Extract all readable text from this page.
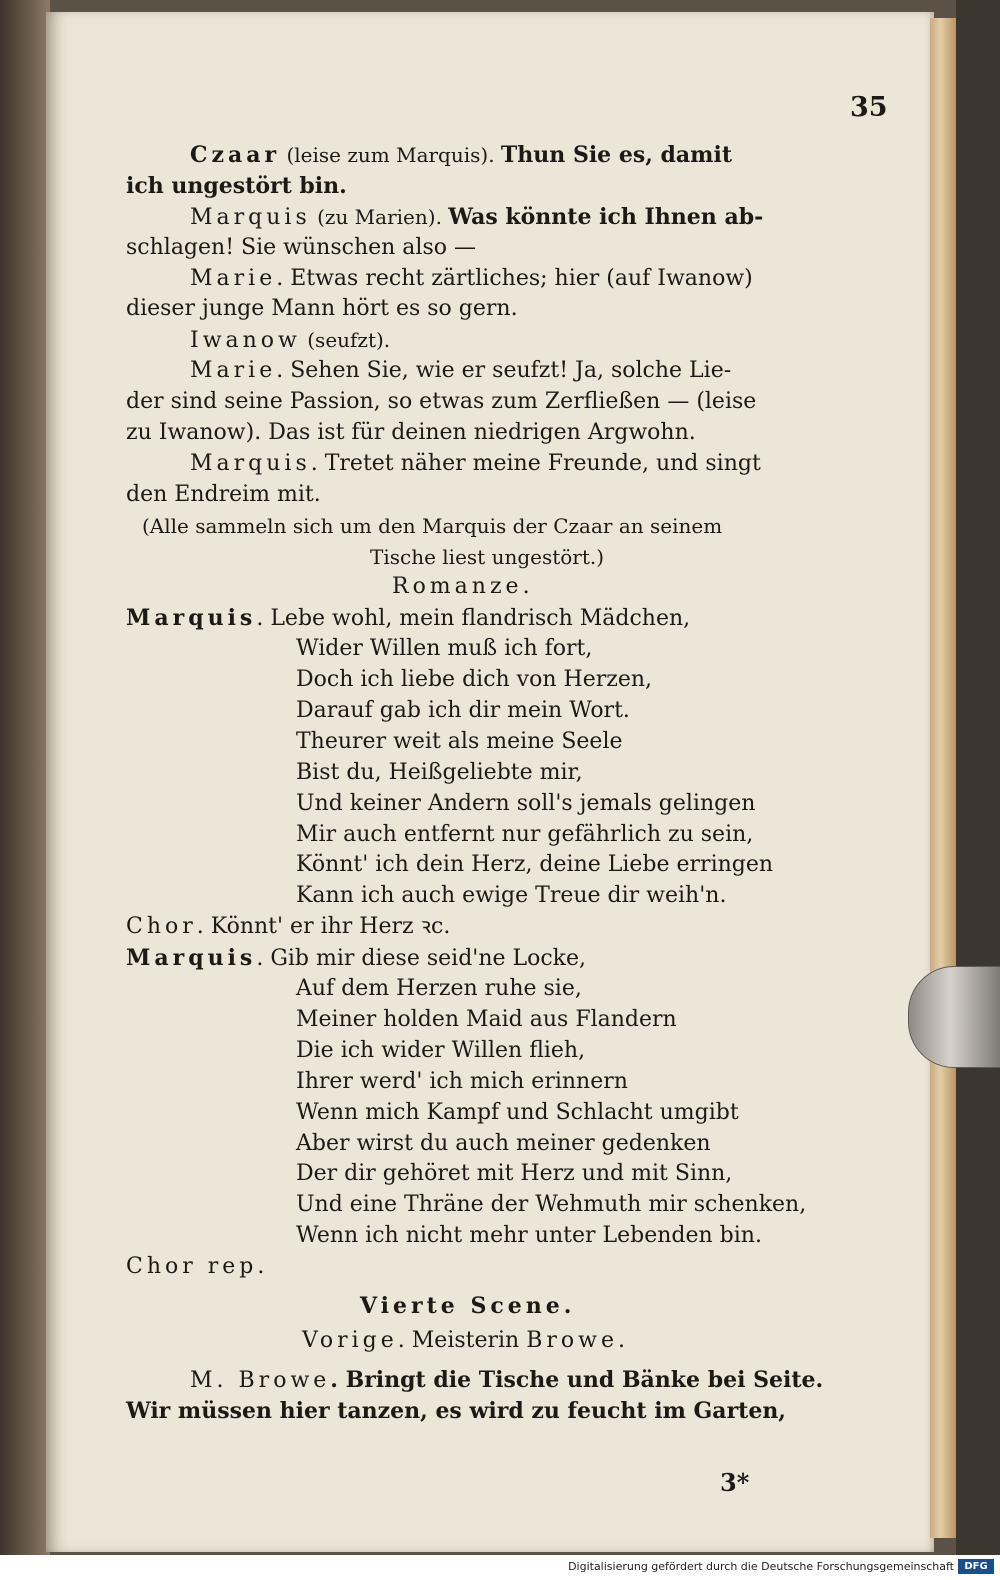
35
Czaar (leise zum Marquis). Thun Sie es, damit
ich ungestört bin.
Marquis (zu Marien). Was könnte ich Ihnen ab-
schlagen! Sie wünschen also —
Marie. Etwas recht zärtliches; hier (auf Iwanow)
dieser junge Mann hört es so gern.
Iwanow (seufzt).
Marie. Sehen Sie, wie er seufzt! Ja, solche Lie-
der sind seine Passion, so etwas zum Zerfließen — (leise
zu Iwanow). Das ist für deinen niedrigen Argwohn.
Marquis. Tretet näher meine Freunde, und singt
den Endreim mit.
(Alle sammeln sich um den Marquis der Czaar an seinem
Tische liest ungestört.)
Romanze.
Marquis. Lebe wohl, mein flandrisch Mädchen,
Wider Willen muß ich fort,
Doch ich liebe dich von Herzen,
Darauf gab ich dir mein Wort.
Theurer weit als meine Seele
Bist du, Heißgeliebte mir,
Und keiner Andern soll's jemals gelingen
Mir auch entfernt nur gefährlich zu sein,
Könnt' ich dein Herz, deine Liebe erringen
Kann ich auch ewige Treue dir weih'n.
Chor. Könnt' er ihr Herz ꝛc.
Marquis. Gib mir diese seid'ne Locke,
Auf dem Herzen ruhe sie,
Meiner holden Maid aus Flandern
Die ich wider Willen flieh,
Ihrer werd' ich mich erinnern
Wenn mich Kampf und Schlacht umgibt
Aber wirst du auch meiner gedenken
Der dir gehöret mit Herz und mit Sinn,
Und eine Thräne der Wehmuth mir schenken,
Wenn ich nicht mehr unter Lebenden bin.
Chor rep.
Vierte Scene.
Vorige. Meisterin Browe.
M. Browe. Bringt die Tische und Bänke bei Seite.
Wir müssen hier tanzen, es wird zu feucht im Garten,
3*
Digitalisierung gefördert durch die Deutsche Forschungsgemeinschaft	DFG
